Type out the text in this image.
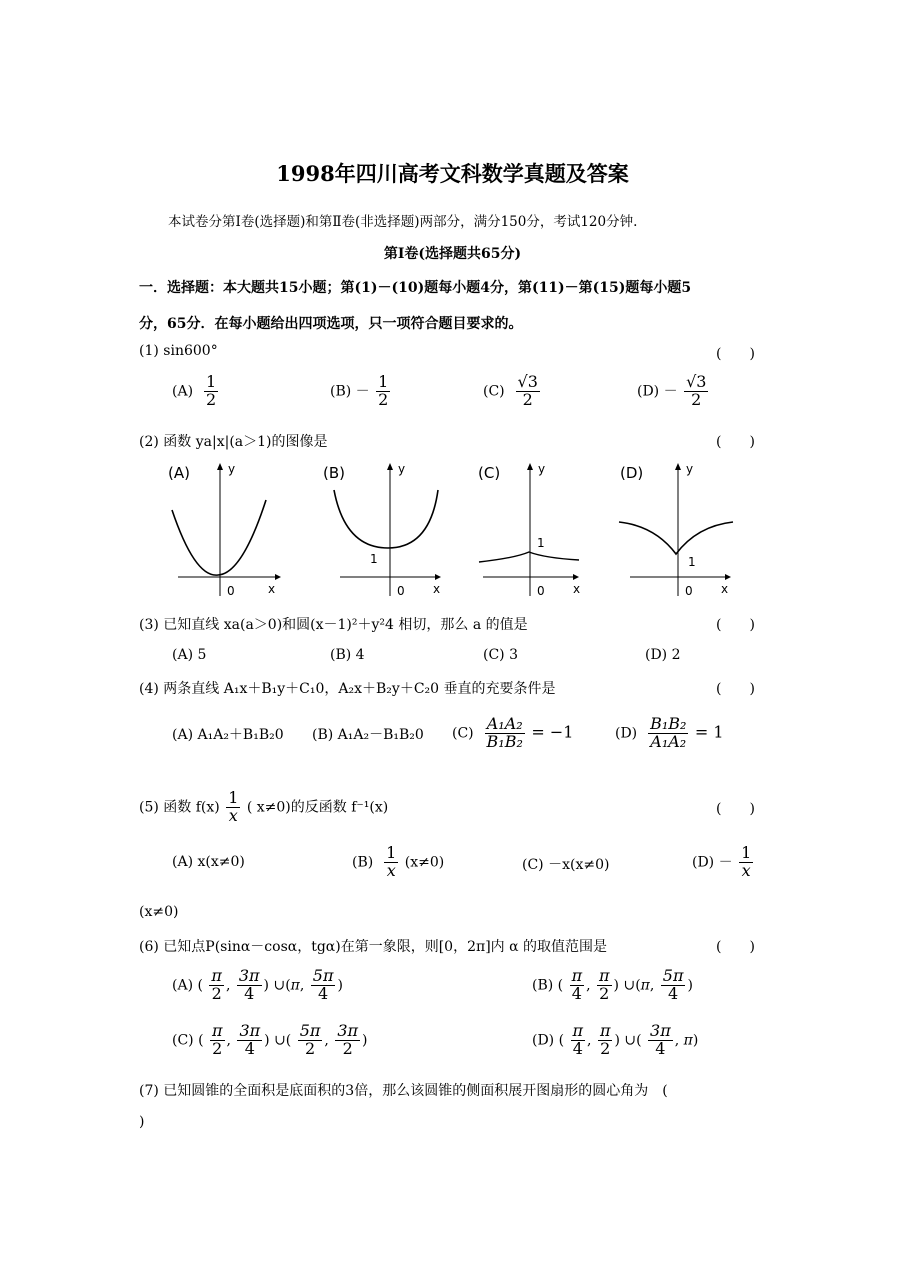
1998年四川高考文科数学真题及答案
本试卷分第Ⅰ卷(选择题)和第Ⅱ卷(非选择题)两部分，满分150分，考试120分钟.
第Ⅰ卷(选择题共65分)
一．选择题：本大题共15小题；第(1)－(10)题每小题4分，第(11)－第(15)题每小题5
分，65分．在每小题给出四项选项，只一项符合题目要求的。
(1) sin600°	(　　)
$(A) \frac{1}{2}$	$(B) - \frac{1}{2}$	$(C) \frac{√3}{2}$	$(D) - \frac{√3}{2}$
(2) 函数 ya|x|(a＞1)的图像是	(　　)
(A)	y
x
0
(B)	y
x
0
1
(C)	y
x
0
1
(D)	y
x
0
1
(3) 已知直线 xa(a＞0)和圆(x－1)²＋y²4 相切，那么 a 的值是	(　　)
(A) 5	(B) 4	(C) 3	(D) 2
(4) 两条直线 A₁x＋B₁y＋C₁0，A₂x＋B₂y＋C₂0 垂直的充要条件是	(　　)
(A) A₁A₂＋B₁B₂0 (B) A₁A₂－B₁B₂0 $(C) \frac{\text{A₁A₂}}{\text{B₁B₂}} = -1$	$(D) \frac{\text{B₁B₂}}{\text{A₁A₂}} = 1$
(5) 函数 $f(x) \frac{1}{x}$ ( x≠0)的反函数 f⁻¹(x)	(　　)
(A) x(x≠0)	$(B) \frac{1}{x} (x\ne 0)$	(C) －x(x≠0)	$(D) - \frac{1}{x}$
(x≠0)
(6) 已知点P(sinα－cosα，tgα)在第一象限，则[0，2π]内 α 的取值范围是	(　　)
(A) ( $\frac{\pi}{2}$ , $\frac{3\pi}{4}$ ) ∪(π, $\frac{5\pi}{4}$ )	(B) ( $\frac{\pi}{4}$ , $\frac{\pi}{2}$ ) ∪(π, $\frac{5\pi}{4}$ )
(C) ( $\frac{\pi}{2}$ , $\frac{3\pi}{4}$ ) ∪( $\frac{5\pi}{2}$ , $\frac{3\pi}{2}$ )	(D) ( $\frac{\pi}{4}$ , $\frac{\pi}{2}$ ) ∪( $\frac{3\pi}{4}$ , π)
(7) 已知圆锥的全面积是底面积的3倍，那么该圆锥的侧面积展开图扇形的圆心角为　(
)
